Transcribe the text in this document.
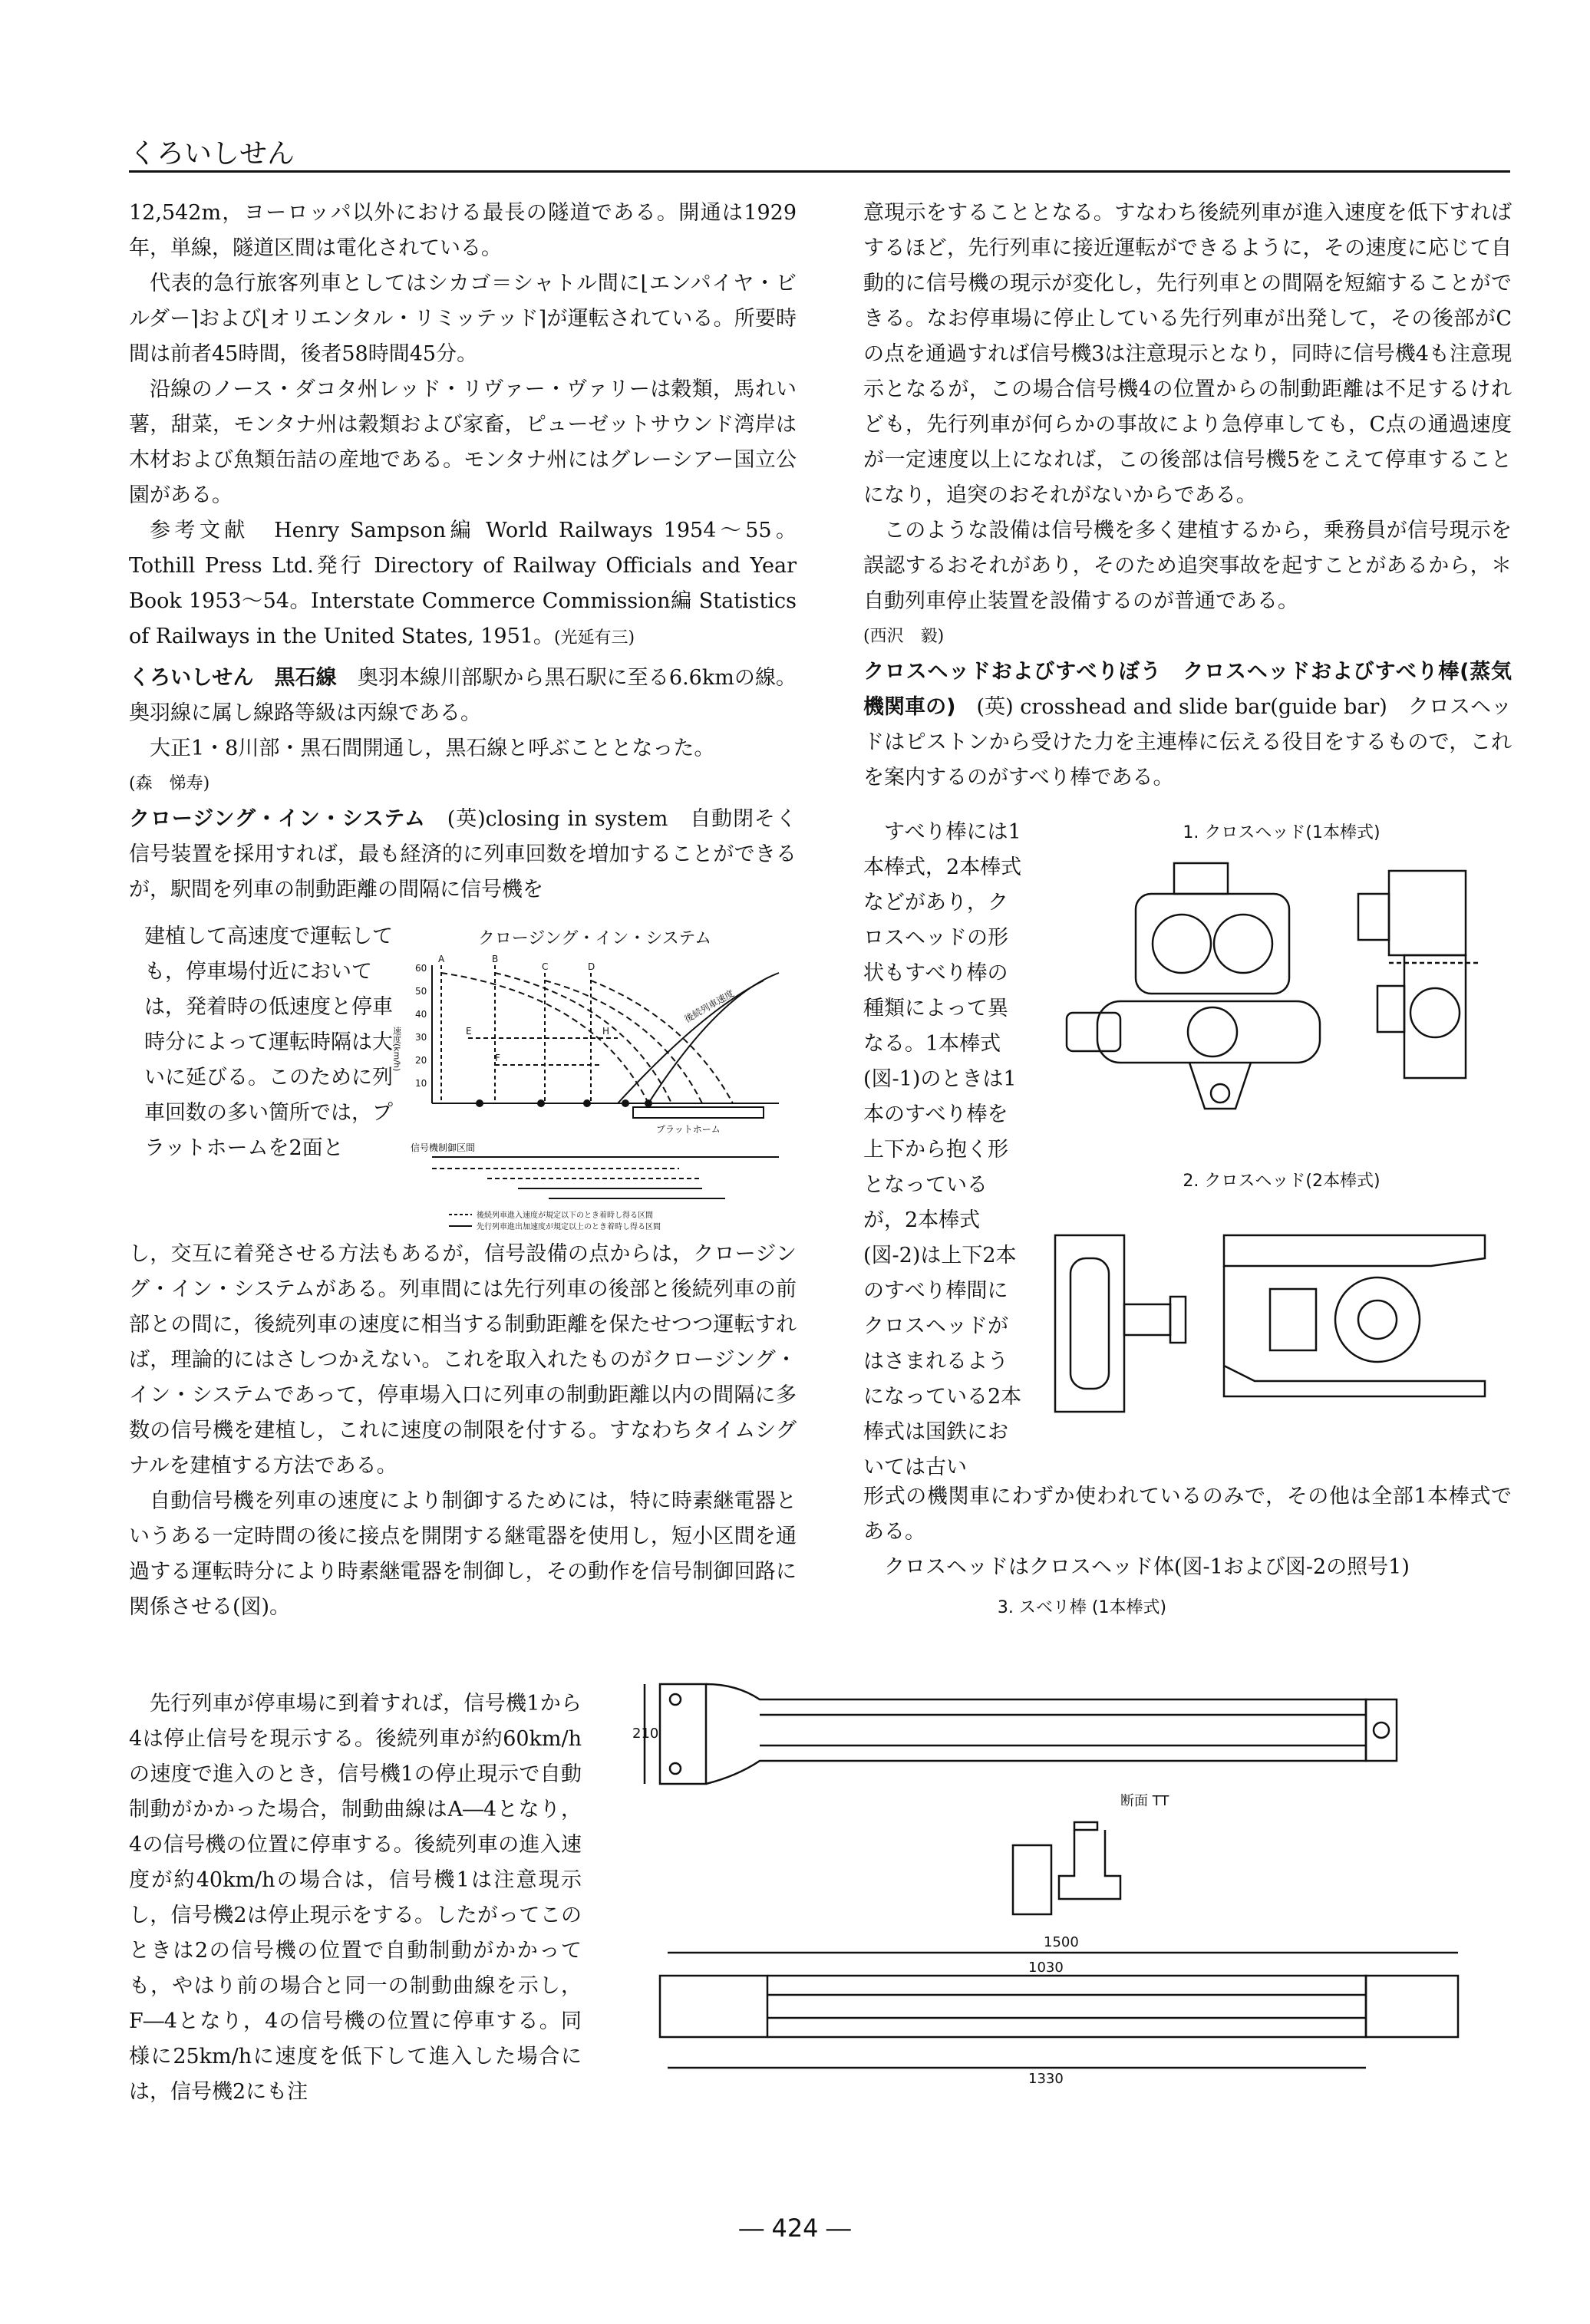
くろいしせん

12,542m，ヨーロッパ以外における最長の隧道である。開通は1929年，単線，隧道区間は電化されている。

代表的急行旅客列車としてはシカゴ＝シャトル間に⌊エンパイヤ・ビルダー⌉および⌊オリエンタル・リミッテッド⌉が運転されている。所要時間は前者45時間，後者58時間45分。

沿線のノース・ダコタ州レッド・リヴァー・ヴァリーは穀類，馬れい薯，甜菜，モンタナ州は穀類および家畜，ピューゼットサウンド湾岸は木材および魚類缶詰の産地である。モンタナ州にはグレーシアー国立公園がある。

参考文献　Henry Sampson編 World Railways 1954～55。Tothill Press Ltd.発行 Directory of Railway Officials and Year Book 1953～54。Interstate Commerce Commission編 Statistics of Railways in the United States, 1951。(光延有三)

くろいしせん　黒石線　 奥羽本線川部駅から黒石駅に至る6.6kmの線。奥羽線に属し線路等級は丙線である。

大正1・8川部・黒石間開通し，黒石線と呼ぶこととなった。

(森　悌寿)

クロージング・イン・システム　 (英)closing in system　 自動閉そく信号装置を採用すれば，最も経済的に列車回数を増加することができるが，駅間を列車の制動距離の間隔に信号機を

建植して高速度で運転しても，停車場付近においては，発着時の低速度と停車時分によって運転時隔は大いに延びる。このために列車回数の多い箇所では，プラットホームを2面と

クロージング・イン・システム
60
50
40
30
20
10
速度(km/h)
A	B
C	D
E
F
H
後続列車速度
プラットホーム
信号機制御区間
後続列車進入速度が規定以下のとき着時し得る区間
先行列車進出加速度が規定以上のとき着時し得る区間

し，交互に着発させる方法もあるが，信号設備の点からは，クロージング・イン・システムがある。列車間には先行列車の後部と後続列車の前部との間に，後続列車の速度に相当する制動距離を保たせつつ運転すれば，理論的にはさしつかえない。これを取入れたものがクロージング・イン・システムであって，停車場入口に列車の制動距離以内の間隔に多数の信号機を建植し，これに速度の制限を付する。すなわちタイムシグナルを建植する方法である。

自動信号機を列車の速度により制御するためには，特に時素継電器というある一定時間の後に接点を開閉する継電器を使用し，短小区間を通過する運転時分により時素継電器を制御し，その動作を信号制御回路に関係させる(図)。

先行列車が停車場に到着すれば，信号機1から4は停止信号を現示する。後続列車が約60km/hの速度で進入のとき，信号機1の停止現示で自動制動がかかった場合，制動曲線はA―4となり，4の信号機の位置に停車する。後続列車の進入速度が約40km/hの場合は，信号機1は注意現示し，信号機2は停止現示をする。したがってこのときは2の信号機の位置で自動制動がかかっても，やはり前の場合と同一の制動曲線を示し，F―4となり，4の信号機の位置に停車する。同様に25km/hに速度を低下して進入した場合には，信号機2にも注

意現示をすることとなる。すなわち後続列車が進入速度を低下すればするほど，先行列車に接近運転ができるように，その速度に応じて自動的に信号機の現示が変化し，先行列車との間隔を短縮することができる。なお停車場に停止している先行列車が出発して，その後部がCの点を通過すれば信号機3は注意現示となり，同時に信号機4も注意現示となるが，この場合信号機4の位置からの制動距離は不足するけれども，先行列車が何らかの事故により急停車しても，C点の通過速度が一定速度以上になれば，この後部は信号機5をこえて停車することになり，追突のおそれがないからである。

このような設備は信号機を多く建植するから，乗務員が信号現示を誤認するおそれがあり，そのため追突事故を起すことがあるから，＊自動列車停止装置を設備するのが普通である。

(西沢　毅)

クロスヘッドおよびすべりぼう　クロスヘッドおよびすべり棒(蒸気機関車の)　 (英) crosshead and slide bar(guide bar)　 クロスヘッドはピストンから受けた力を主連棒に伝える役目をするもので，これを案内するのがすべり棒である。

すべり棒には1本棒式，2本棒式などがあり，クロスヘッドの形状もすべり棒の種類によって異なる。1本棒式(図-1)のときは1本のすべり棒を上下から抱く形となっているが，2本棒式(図-2)は上下2本のすべり棒間にクロスヘッドがはさまれるようになっている2本棒式は国鉄においては古い

1. クロスヘッド(1本棒式)
2. クロスヘッド(2本棒式)

形式の機関車にわずか使われているのみで，その他は全部1本棒式である。

クロスヘッドはクロスヘッド体(図-1および図-2の照号1)

3. スベリ棒 (1本棒式)
1500
1030
1330
210
断面 TT
― 424 ―
